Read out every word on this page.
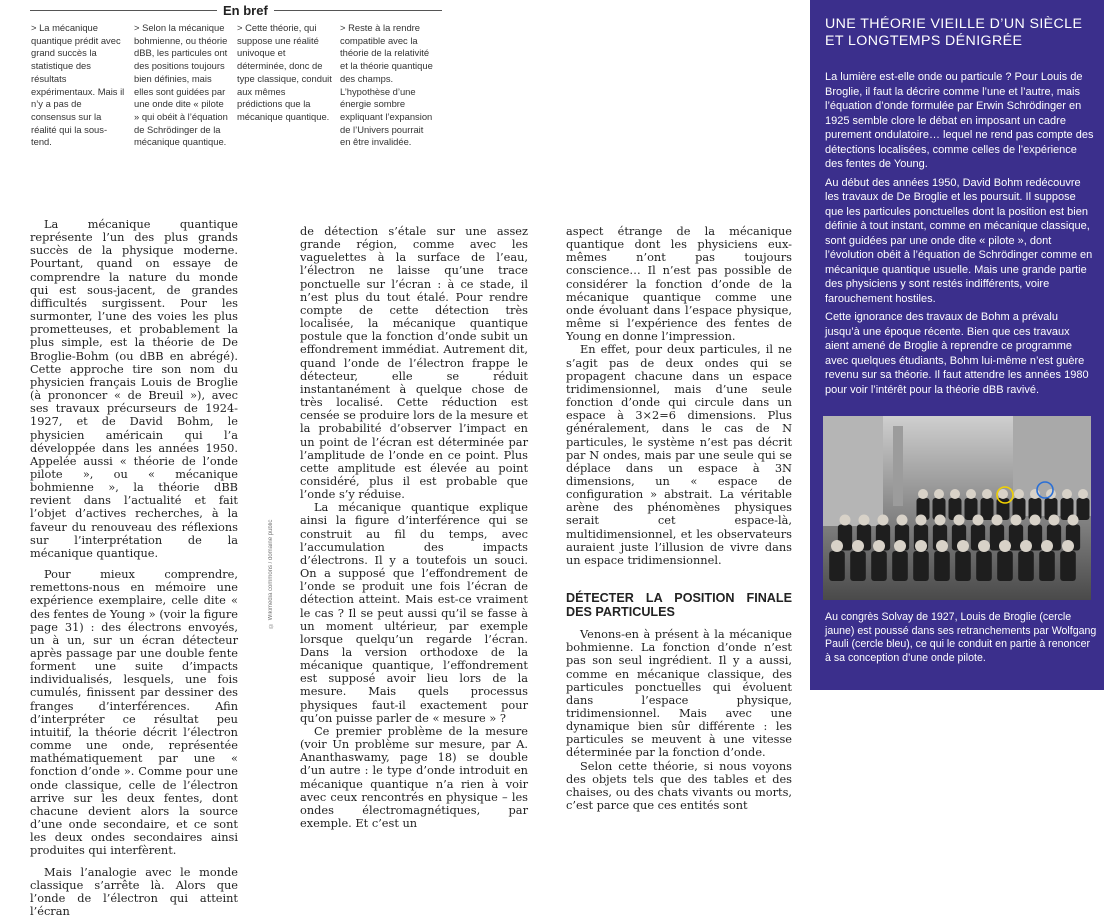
En bref
> La mécanique quantique prédit avec grand succès la statistique des résultats expérimentaux. Mais il n’y a pas de consensus sur la réalité qui la sous-tend.
> Selon la mécanique bohmienne, ou théorie dBB, les particules ont des positions toujours bien définies, mais elles sont guidées par une onde dite « pilote » qui obéit à l’équation de Schrödinger de la mécanique quantique.
> Cette théorie, qui suppose une réalité univoque et déterminée, donc de type classique, conduit aux mêmes prédictions que la mécanique quantique.
> Reste à la rendre compatible avec la théorie de la relativité et la théorie quantique des champs. L’hypothèse d’une énergie sombre expliquant l’expansion de l’Univers pourrait en être invalidée.

La mécanique quantique représente l’un des plus grands succès de la physique moderne. Pourtant, quand on essaye de comprendre la nature du monde qui est sous-jacent, de grandes difficultés surgissent. Pour les surmonter, l’une des voies les plus prometteuses, et probablement la plus simple, est la théorie de De Broglie-Bohm (ou dBB en abrégé). Cette approche tire son nom du physicien français Louis de Broglie (à prononcer « de Breuil »), avec ses travaux précurseurs de 1924-1927, et de David Bohm, le physicien américain qui l’a développée dans les années 1950. Appelée aussi « théorie de l’onde pilote », ou « mécanique bohmienne », la théorie dBB revient dans l’actualité et fait l’objet d’actives recherches, à la faveur du renouveau des réflexions sur l’interprétation de la mécanique quantique.

Pour mieux comprendre, remettons-nous en mémoire une expérience exemplaire, celle dite « des fentes de Young » (voir la figure page 31) : des électrons envoyés, un à un, sur un écran détecteur après passage par une double fente forment une suite d’impacts individualisés, lesquels, une fois cumulés, finissent par dessiner des franges d’interférences. Afin d’interpréter ce résultat peu intuitif, la théorie décrit l’électron comme une onde, représentée mathématiquement par une « fonction d’onde ». Comme pour une onde classique, celle de l’électron arrive sur les deux fentes, dont chacune devient alors la source d’une onde secondaire, et ce sont les deux ondes secondaires ainsi produites qui interfèrent.

Mais l’analogie avec le monde classique s’arrête là. Alors que l’onde de l’électron qui atteint l’écran

© Wikimedia commons / domaine public

de détection s’étale sur une assez grande région, comme avec les vaguelettes à la surface de l’eau, l’électron ne laisse qu’une trace ponctuelle sur l’écran : à ce stade, il n’est plus du tout étalé. Pour rendre compte de cette détection très localisée, la mécanique quantique postule que la fonction d’onde subit un effondrement immédiat. Autrement dit, quand l’onde de l’électron frappe le détecteur, elle se réduit instantanément à quelque chose de très localisé. Cette réduction est censée se produire lors de la mesure et la probabilité d’observer l’impact en un point de l’écran est déterminée par l’amplitude de l’onde en ce point. Plus cette amplitude est élevée au point considéré, plus il est probable que l’onde s’y réduise.

La mécanique quantique explique ainsi la figure d’interférence qui se construit au fil du temps, avec l’accumulation des impacts d’électrons. Il y a toutefois un souci. On a supposé que l’effondrement de l’onde se produit une fois l’écran de détection atteint. Mais est-ce vraiment le cas ? Il se peut aussi qu’il se fasse à un moment ultérieur, par exemple lorsque quelqu’un regarde l’écran. Dans la version orthodoxe de la mécanique quantique, l’effondrement est supposé avoir lieu lors de la mesure. Mais quels processus physiques faut-il exactement pour qu’on puisse parler de « mesure » ?

Ce premier problème de la mesure (voir Un problème sur mesure, par A. Ananthaswamy, page 18) se double d’un autre : le type d’onde introduit en mécanique quantique n’a rien à voir avec ceux rencontrés en physique – les ondes électromagnétiques, par exemple. Et c’est un

aspect étrange de la mécanique quantique dont les physiciens eux-mêmes n’ont pas toujours conscience… Il n’est pas possible de considérer la fonction d’onde de la mécanique quantique comme une onde évoluant dans l’espace physique, même si l’expérience des fentes de Young en donne l’impression.

En effet, pour deux particules, il ne s’agit pas de deux ondes qui se propagent chacune dans un espace tridimensionnel, mais d’une seule fonction d’onde qui circule dans un espace à 3×2=6 dimensions. Plus généralement, dans le cas de N particules, le système n’est pas décrit par N ondes, mais par une seule qui se déplace dans un espace à 3N dimensions, un « espace de configuration » abstrait. La véritable arène des phénomènes physiques serait cet espace-là, multidimensionnel, et les observateurs auraient juste l’illusion de vivre dans un espace tridimensionnel.

DÉTECTER LA POSITION FINALE DES PARTICULES

Venons-en à présent à la mécanique bohmienne. La fonction d’onde n’est pas son seul ingrédient. Il y a aussi, comme en mécanique classique, des particules ponctuelles qui évoluent dans l’espace physique, tridimensionnel. Mais avec une dynamique bien sûr différente : les particules se meuvent à une vitesse déterminée par la fonction d’onde.

Selon cette théorie, si nous voyons des objets tels que des tables et des chaises, ou des chats vivants ou morts, c’est parce que ces entités sont

UNE THÉORIE VIEILLE D’UN SIÈCLE ET LONGTEMPS DÉNIGRÉE

La lumière est-elle onde ou particule ? Pour Louis de Broglie, il faut la décrire comme l’une et l’autre, mais l’équation d’onde formulée par Erwin Schrödinger en 1925 semble clore le débat en imposant un cadre purement ondulatoire… lequel ne rend pas compte des détections localisées, comme celles de l’expérience des fentes de Young.

Au début des années 1950, David Bohm redécouvre les travaux de De Broglie et les poursuit. Il suppose que les particules ponctuelles dont la position est bien définie à tout instant, comme en mécanique classique, sont guidées par une onde dite « pilote », dont l’évolution obéit à l’équation de Schrödinger comme en mécanique quantique usuelle. Mais une grande partie des physiciens y sont restés indifférents, voire farouchement hostiles.

Cette ignorance des travaux de Bohm a prévalu jusqu’à une époque récente. Bien que ces travaux aient amené de Broglie à reprendre ce programme avec quelques étudiants, Bohm lui-même n’est guère revenu sur sa théorie. Il faut attendre les années 1980 pour voir l’intérêt pour la théorie dBB ravivé.

Au congrès Solvay de 1927, Louis de Broglie (cercle jaune) est poussé dans ses retranchements par Wolfgang Pauli (cercle bleu), ce qui le conduit en partie à renoncer à sa conception d’une onde pilote.
